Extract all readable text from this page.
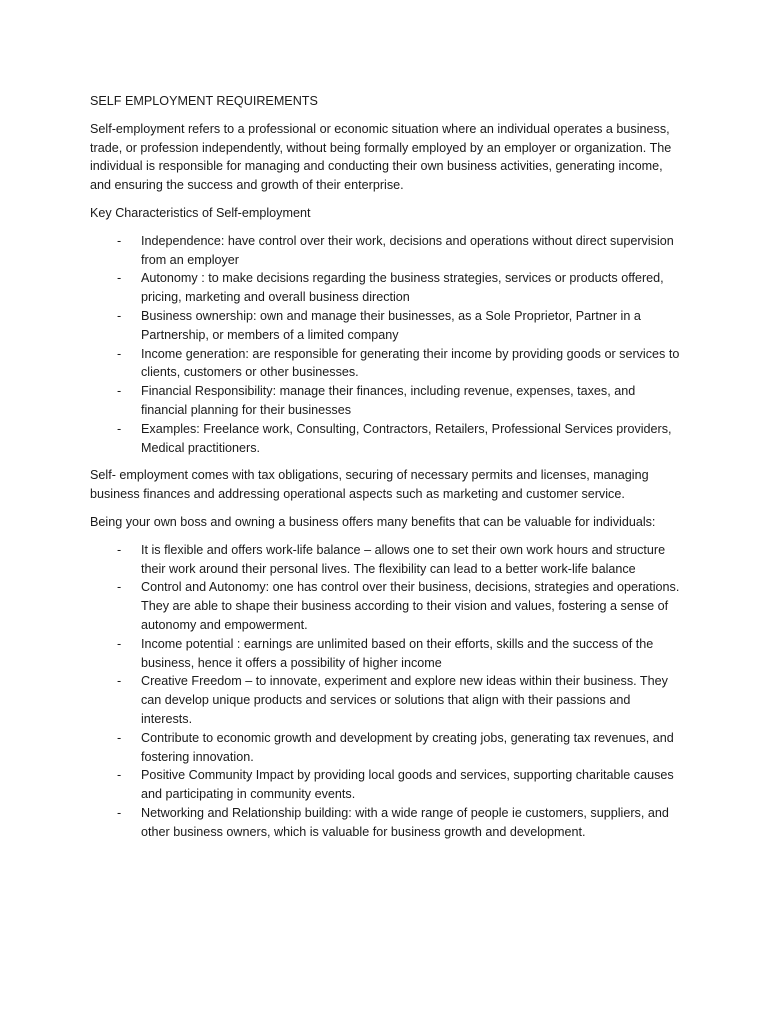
SELF EMPLOYMENT REQUIREMENTS

Self-employment refers to a professional or economic situation where an individual operates a business, trade, or profession independently, without being formally employed by an employer or organization. The individual is responsible for managing and conducting their own business activities, generating income, and ensuring the success and growth of their enterprise.

Key Characteristics of Self-employment

- Independence: have control over their work, decisions and operations without direct supervision from an employer
- Autonomy : to make decisions regarding the business strategies, services or products offered, pricing, marketing and overall business direction
- Business ownership: own and manage their businesses, as a Sole Proprietor, Partner in a Partnership, or members of a limited company
- Income generation: are responsible for generating their income by providing goods or services to clients, customers or other businesses.
- Financial Responsibility: manage their finances, including revenue, expenses, taxes, and financial planning for their businesses
- Examples: Freelance work, Consulting, Contractors, Retailers, Professional Services providers, Medical practitioners.

Self- employment comes with tax obligations, securing of necessary permits and licenses, managing business finances and addressing operational aspects such as marketing and customer service.

Being your own boss and owning a business offers many benefits that can be valuable for individuals:

- It is flexible and offers work-life balance – allows one to set their own work hours and structure their work around their personal lives. The flexibility can lead to a better work-life balance
- Control and Autonomy: one has control over their business, decisions, strategies and operations. They are able to shape their business according to their vision and values, fostering a sense of autonomy and empowerment.
- Income potential : earnings are unlimited based on their efforts, skills and the success of the business, hence it offers a possibility of higher income
- Creative Freedom – to innovate, experiment and explore new ideas within their business. They can develop unique products and services or solutions that align with their passions and interests.
- Contribute to economic growth and development by creating jobs, generating tax revenues, and fostering innovation.
- Positive Community Impact by providing local goods and services, supporting charitable causes and participating in community events.
- Networking and Relationship building: with a wide range of people ie customers, suppliers, and other business owners, which is valuable for business growth and development.
